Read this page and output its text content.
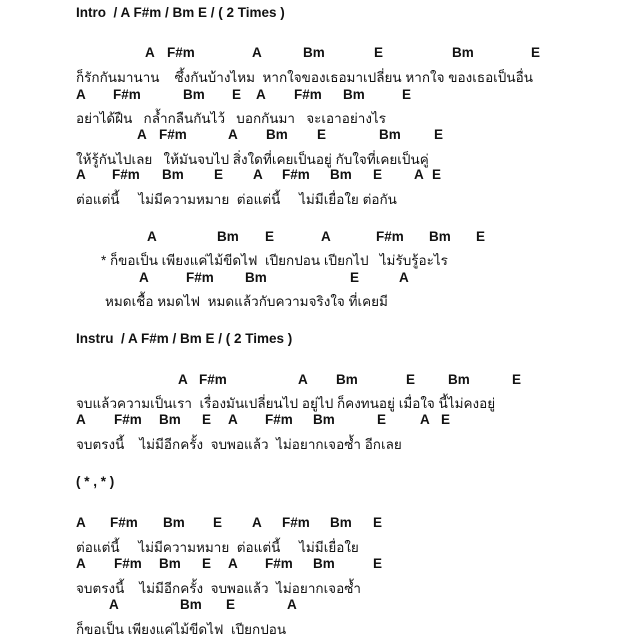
Intro  / A F#m / Bm E / ( 2 Times )
Instru  / A F#m / Bm E / ( 2 Times )
( * , * )
A F#m	A	Bm	E	Bm	E
ก็รักกันมานาน    ซึ้งกันบ้างไหม  หากใจของเธอมาเปลี่ยน หากใจ ของเธอเป็นอื่น
A F#m	Bm E A F#m Bm	E
อย่าได้ฝืน   กล้ำกลืนกันไว้   บอกกันมา   จะเอาอย่างไร
A F#m	A Bm E	Bm E
ให้รู้กันไปเลย   ให้มันจบไป สิ่งใดที่เคยเป็นอยู่ กับใจที่เคยเป็นคู่
A F#m Bm E A F#m Bm E A E
ต่อแต่นี้     ไม่มีความหมาย  ต่อแต่นี้     ไม่มีเยื่อใย ต่อกัน
A	Bm E	A	F#m Bm E
* ก็ขอเป็น เพียงแค่ไม้ขีดไฟ  เปียกปอน เปียกไป   ไม่รับรู้อะไร
A	F#m Bm	E	A
หมดเชื้อ หมดไฟ  หมดแล้วกับความจริงใจ ที่เคยมี
A F#m	A Bm	E Bm	E
จบแล้วความเป็นเรา  เรื่องมันเปลี่ยนไป อยู่ไป ก็คงทนอยู่ เมื่อใจ นี้ไม่คงอยู่
A F#m Bm E A F#m Bm	E	A E
จบตรงนี้    ไม่มีอีกครั้ง  จบพอแล้ว  ไม่อยากเจอซ้ำ อีกเลย
A F#m Bm E A F#m Bm E
ต่อแต่นี้     ไม่มีความหมาย  ต่อแต่นี้     ไม่มีเยื่อใย
A F#m Bm E A F#m Bm	E
จบตรงนี้    ไม่มีอีกครั้ง  จบพอแล้ว  ไม่อยากเจอซ้ำ
A	Bm E	A
ก็ขอเป็น เพียงแค่ไม้ขีดไฟ  เปียกปอน
